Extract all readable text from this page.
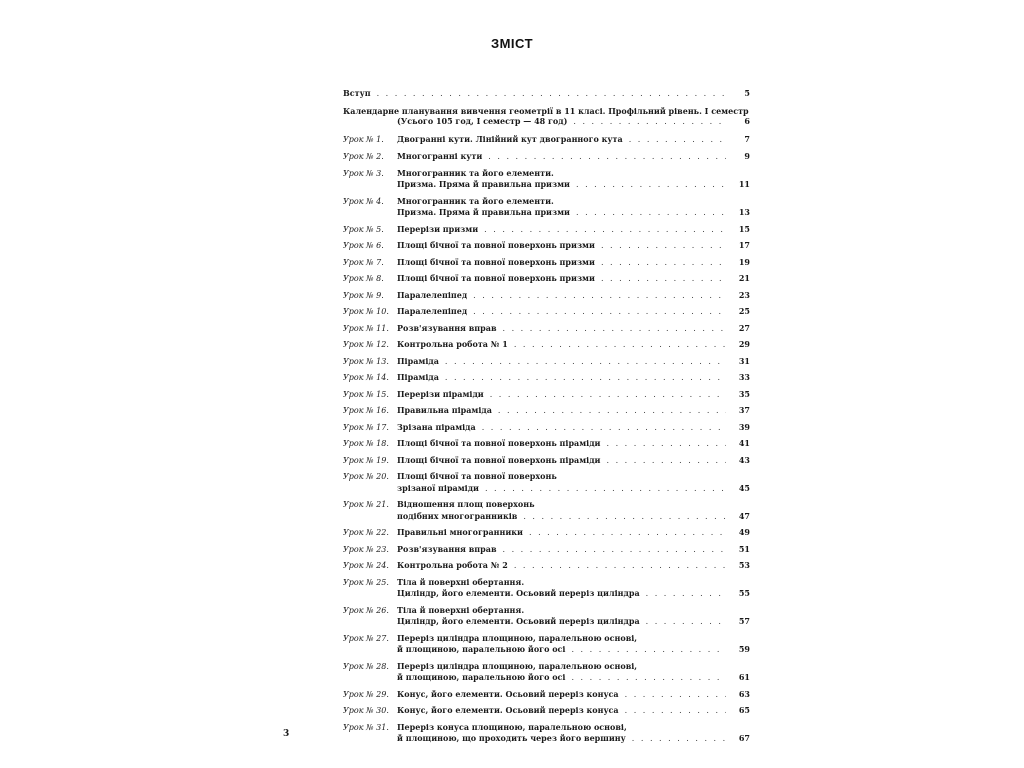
ЗМІСТ
Вступ . . .	5
Календарне планування вивчення геометрії в 11 класі. Профільний рівень. І семестр
(Усього 105 год, І семестр — 48 год) . . .	6
Урок № 1.	Двогранні кути. Лінійний кут двогранного кута . . .	7
Урок № 2.	Многогранні кути . . .	9
Урок № 3.	Многогранник та його елементи.
Призма. Пряма й правильна призми . . .	11
Урок № 4.	Многогранник та його елементи.
Призма. Пряма й правильна призми . . .	13
Урок № 5.	Перерізи призми . . .	15
Урок № 6.	Площі бічної та повної поверхонь призми . . .	17
Урок № 7.	Площі бічної та повної поверхонь призми . . .	19
Урок № 8.	Площі бічної та повної поверхонь призми . . .	21
Урок № 9.	Паралелепіпед . . .	23
Урок № 10.	Паралелепіпед . . .	25
Урок № 11.	Розв'язування вправ . . .	27
Урок № 12.	Контрольна робота № 1 . . .	29
Урок № 13.	Піраміда . . .	31
Урок № 14.	Піраміда . . .	33
Урок № 15.	Перерізи піраміди . . .	35
Урок № 16.	Правильна піраміда . . .	37
Урок № 17.	Зрізана піраміда . . .	39
Урок № 18.	Площі бічної та повної поверхонь піраміди . . .	41
Урок № 19.	Площі бічної та повної поверхонь піраміди . . .	43
Урок № 20.	Площі бічної та повної поверхонь
зрізаної піраміди . . .	45
Урок № 21.	Відношення площ поверхонь
подібних многогранників . . .	47
Урок № 22.	Правильні многогранники . . .	49
Урок № 23.	Розв'язування вправ . . .	51
Урок № 24.	Контрольна робота № 2 . . .	53
Урок № 25.	Тіла й поверхні обертання.
Циліндр, його елементи. Осьовий переріз циліндра . . .	55
Урок № 26.	Тіла й поверхні обертання.
Циліндр, його елементи. Осьовий переріз циліндра . . .	57
Урок № 27.	Переріз циліндра площиною, паралельною основі,
й площиною, паралельною його осі . . .	59
Урок № 28.	Переріз циліндра площиною, паралельною основі,
й площиною, паралельною його осі . . .	61
Урок № 29.	Конус, його елементи. Осьовий переріз конуса . . .	63
Урок № 30.	Конус, його елементи. Осьовий переріз конуса . . .	65
Урок № 31.	Переріз конуса площиною, паралельною основі,
й площиною, що проходить через його вершину . . .	67
3
